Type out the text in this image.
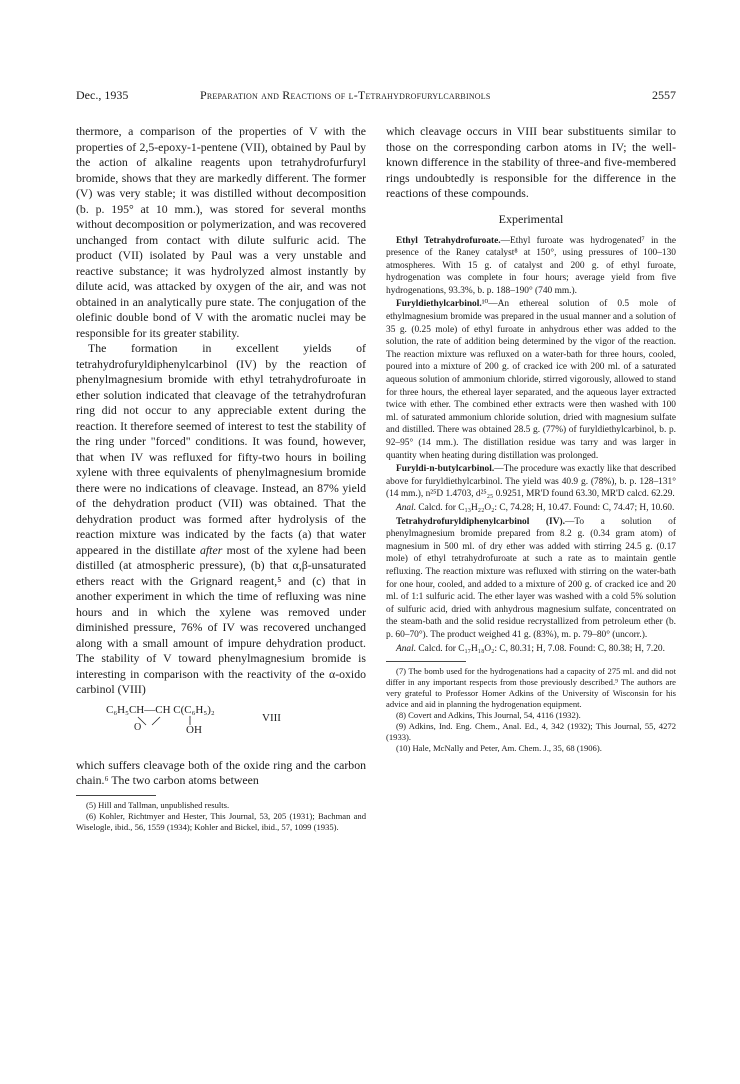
Dec., 1935	Preparation and Reactions of l-Tetrahydrofurylcarbinols	2557

thermore, a comparison of the properties of V with the properties of 2,5-epoxy-1-pentene (VII), obtained by Paul by the action of alkaline reagents upon tetrahydrofurfuryl bromide, shows that they are markedly different. The former (V) was very stable; it was distilled without decomposition (b. p. 195° at 10 mm.), was stored for several months without decomposition or polymerization, and was recovered unchanged from contact with dilute sulfuric acid. The product (VII) isolated by Paul was a very unstable and reactive substance; it was hydrolyzed almost instantly by dilute acid, was attacked by oxygen of the air, and was not obtained in an analytically pure state. The conjugation of the olefinic double bond of V with the aromatic nuclei may be responsible for its greater stability.

The formation in excellent yields of tetrahydrofuryldiphenylcarbinol (IV) by the reaction of phenylmagnesium bromide with ethyl tetrahydrofuroate in ether solution indicated that cleavage of the tetrahydrofuran ring did not occur to any appreciable extent during the reaction. It therefore seemed of interest to test the stability of the ring under "forced" conditions. It was found, however, that when IV was refluxed for fifty-two hours in boiling xylene with three equivalents of phenylmagnesium bromide there were no indications of cleavage. Instead, an 87% yield of the dehydration product (VII) was obtained. That the dehydration product was formed after hydrolysis of the reaction mixture was indicated by the facts (a) that water appeared in the distillate after most of the xylene had been distilled (at atmospheric pressure), (b) that α,β-unsaturated ethers react with the Grignard reagent,⁵ and (c) that in another experiment in which the time of refluxing was nine hours and in which the xylene was removed under diminished pressure, 76% of IV was recovered unchanged along with a small amount of impure dehydration product. The stability of V toward phenylmagnesium bromide is interesting in comparison with the reactivity of the α-oxido carbinol (VIII)

C₆H₅CH—CH C(C₆H₅)₂
O	OH
VIII

which suffers cleavage both of the oxide ring and the carbon chain.⁶ The two carbon atoms between

(5) Hill and Tallman, unpublished results.

(6) Kohler, Richtmyer and Hester, This Journal, 53, 205 (1931); Bachman and Wiselogle, ibid., 56, 1559 (1934); Kohler and Bickel, ibid., 57, 1099 (1935).

which cleavage occurs in VIII bear substituents similar to those on the corresponding carbon atoms in IV; the well-known difference in the stability of three-and five-membered rings undoubtedly is responsible for the difference in the reactions of these compounds.

Experimental

Ethyl Tetrahydrofuroate.—Ethyl furoate was hydrogenated⁷ in the presence of the Raney catalyst⁸ at 150°, using pressures of 100–130 atmospheres. With 15 g. of catalyst and 200 g. of ethyl furoate, hydrogenation was complete in four hours; average yield from five hydrogenations, 93.3%, b. p. 188–190° (740 mm.).

Furyldiethylcarbinol.¹⁰—An ethereal solution of 0.5 mole of ethylmagnesium bromide was prepared in the usual manner and a solution of 35 g. (0.25 mole) of ethyl furoate in anhydrous ether was added to the solution, the rate of addition being determined by the vigor of the reaction. The reaction mixture was refluxed on a water-bath for three hours, cooled, poured into a mixture of 200 g. of cracked ice with 200 ml. of a saturated aqueous solution of ammonium chloride, stirred vigorously, allowed to stand for three hours, the ethereal layer separated, and the aqueous layer extracted twice with ether. The combined ether extracts were then washed with 100 ml. of saturated ammonium chloride solution, dried with magnesium sulfate and distilled. There was obtained 28.5 g. (77%) of furyldiethylcarbinol, b. p. 92–95° (14 mm.). The distillation residue was tarry and was larger in quantity when heating during distillation was prolonged.

Furyldi-n-butylcarbinol.—The procedure was exactly like that described above for furyldiethylcarbinol. The yield was 40.9 g. (78%), b. p. 128–131° (14 mm.), n²⁵D 1.4703, d²⁵₂₅ 0.9251, MR'D found 63.30, MR'D calcd. 62.29.

Anal. Calcd. for C₁₃H₂₂O₂: C, 74.28; H, 10.47. Found: C, 74.47; H, 10.60.

Tetrahydrofuryldiphenylcarbinol (IV).—To a solution of phenylmagnesium bromide prepared from 8.2 g. (0.34 gram atom) of magnesium in 500 ml. of dry ether was added with stirring 24.5 g. (0.17 mole) of ethyl tetrahydrofuroate at such a rate as to maintain gentle refluxing. The reaction mixture was refluxed with stirring on the water-bath for one hour, cooled, and added to a mixture of 200 g. of cracked ice and 20 ml. of 1:1 sulfuric acid. The ether layer was washed with a cold 5% solution of sulfuric acid, dried with anhydrous magnesium sulfate, concentrated on the steam-bath and the solid residue recrystallized from petroleum ether (b. p. 60–70°). The product weighed 41 g. (83%), m. p. 79–80° (uncorr.).

Anal. Calcd. for C₁₇H₁₈O₂: C, 80.31; H, 7.08. Found: C, 80.38; H, 7.20.

(7) The bomb used for the hydrogenations had a capacity of 275 ml. and did not differ in any important respects from those previously described.⁹ The authors are very grateful to Professor Homer Adkins of the University of Wisconsin for his advice and aid in planning the hydrogenation equipment.

(8) Covert and Adkins, This Journal, 54, 4116 (1932).

(9) Adkins, Ind. Eng. Chem., Anal. Ed., 4, 342 (1932); This Journal, 55, 4272 (1933).

(10) Hale, McNally and Peter, Am. Chem. J., 35, 68 (1906).
